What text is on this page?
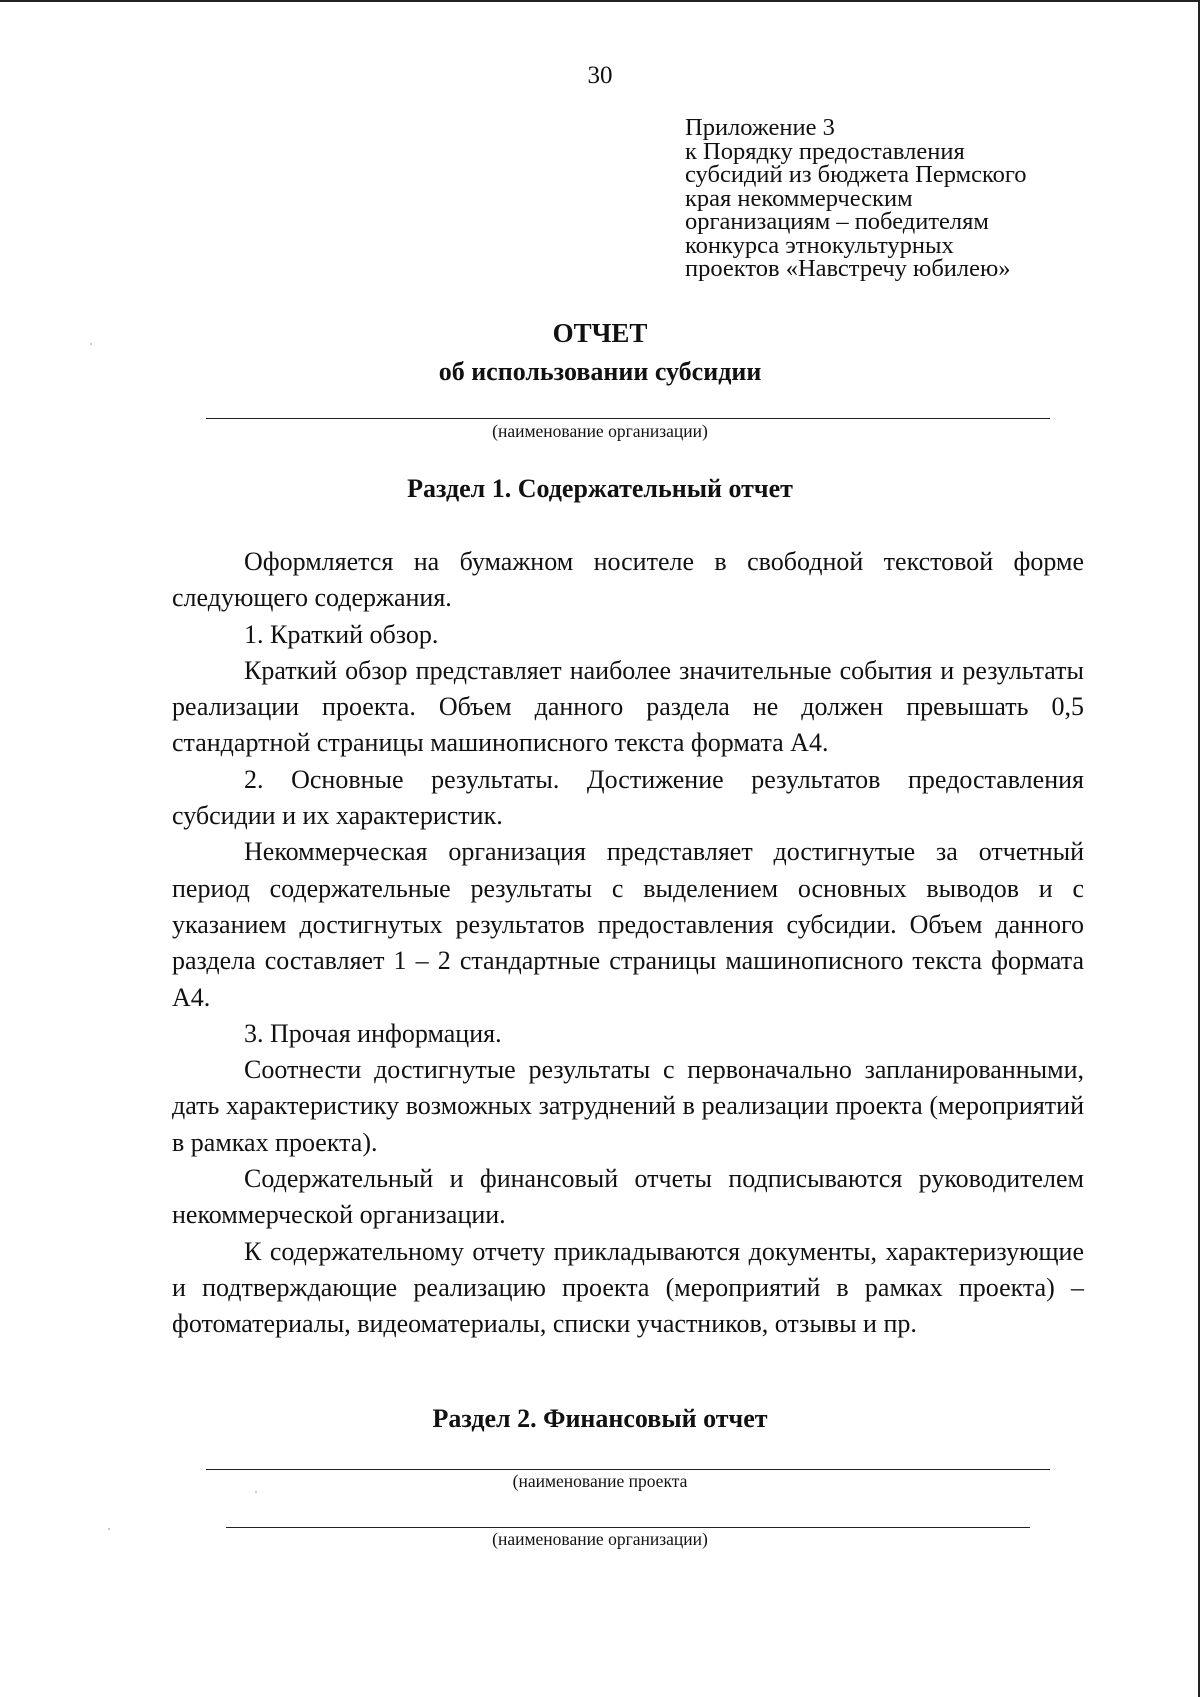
30
Приложение 3
к Порядку предоставления
субсидий из бюджета Пермского
края некоммерческим
организациям – победителям
конкурса этнокультурных
проектов «Навстречу юбилею»
ОТЧЕТ
об использовании субсидии
(наименование организации)
Раздел 1. Содержательный отчет

Оформляется на бумажном носителе в свободной текстовой форме следующего содержания.

1. Краткий обзор.

Краткий обзор представляет наиболее значительные события и результаты реализации проекта. Объем данного раздела не должен превышать 0,5 стандартной страницы машинописного текста формата А4.

2. Основные результаты. Достижение результатов предоставления субсидии и их характеристик.

Некоммерческая организация представляет достигнутые за отчетный период содержательные результаты с выделением основных выводов и с указанием достигнутых результатов предоставления субсидии. Объем данного раздела составляет 1 – 2 стандартные страницы машинописного текста формата А4.

3. Прочая информация.

Соотнести достигнутые результаты с первоначально запланированными, дать характеристику возможных затруднений в реализации проекта (мероприятий в рамках проекта).

Содержательный и финансовый отчеты подписываются руководителем некоммерческой организации.

К содержательному отчету прикладываются документы, характеризующие и подтверждающие реализацию проекта (мероприятий в рамках проекта) – фотоматериалы, видеоматериалы, списки участников, отзывы и пр.

Раздел 2. Финансовый отчет
(наименование проекта
(наименование организации)
